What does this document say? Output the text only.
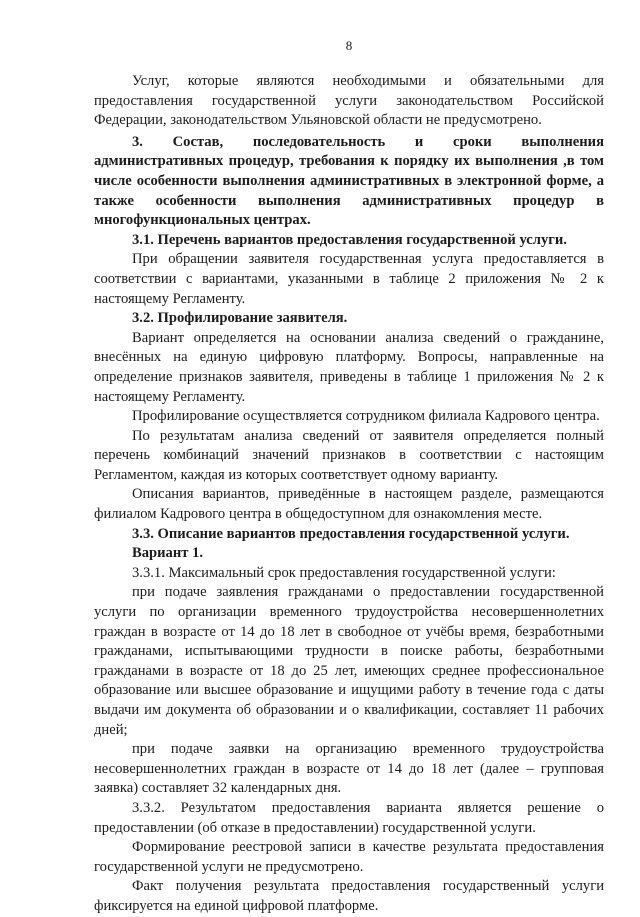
8

Услуг, которые являются необходимыми и обязательными для предоставления государственной услуги законодательством Российской Федерации, законодательством Ульяновской области не предусмотрено.

3. Состав, последовательность и сроки выполнения административных процедур, требования к порядку их выполнения ,в том числе особенности выполнения административных в электронной форме, а также особенности выполнения административных процедур в многофункциональных центрах.

3.1. Перечень вариантов предоставления государственной услуги.

При обращении заявителя государственная услуга предоставляется в соответствии с вариантами, указанными в таблице 2 приложения № 2 к настоящему Регламенту.

3.2. Профилирование заявителя.

Вариант определяется на основании анализа сведений о гражданине, внесённых на единую цифровую платформу. Вопросы, направленные на определение признаков заявителя, приведены в таблице 1 приложения № 2 к настоящему Регламенту.

Профилирование осуществляется сотрудником филиала Кадрового центра.

По результатам анализа сведений от заявителя определяется полный перечень комбинаций значений признаков в соответствии с настоящим Регламентом, каждая из которых соответствует одному варианту.

Описания вариантов, приведённые в настоящем разделе, размещаются филиалом Кадрового центра в общедоступном для ознакомления месте.

3.3. Описание вариантов предоставления государственной услуги.

Вариант 1.

3.3.1. Максимальный срок предоставления государственной услуги:

при подаче заявления гражданами о предоставлении государственной услуги по организации временного трудоустройства несовершеннолетних граждан в возрасте от 14 до 18 лет в свободное от учёбы время, безработными гражданами, испытывающими трудности в поиске работы, безработными гражданами в возрасте от 18 до 25 лет, имеющих среднее профессиональное образование или высшее образование и ищущими работу в течение года с даты выдачи им документа об образовании и о квалификации, составляет 11 рабочих дней;

при подаче заявки на организацию временного трудоустройства несовершеннолетних граждан в возрасте от 14 до 18 лет (далее – групповая заявка) составляет 32 календарных дня.

3.3.2. Результатом предоставления варианта является решение о предоставлении (об отказе в предоставлении) государственной услуги.

Формирование реестровой записи в качестве результата предоставления государственной услуги не предусмотрено.

Факт получения результата предоставления государственный услуги фиксируется на единой цифровой платформе.
